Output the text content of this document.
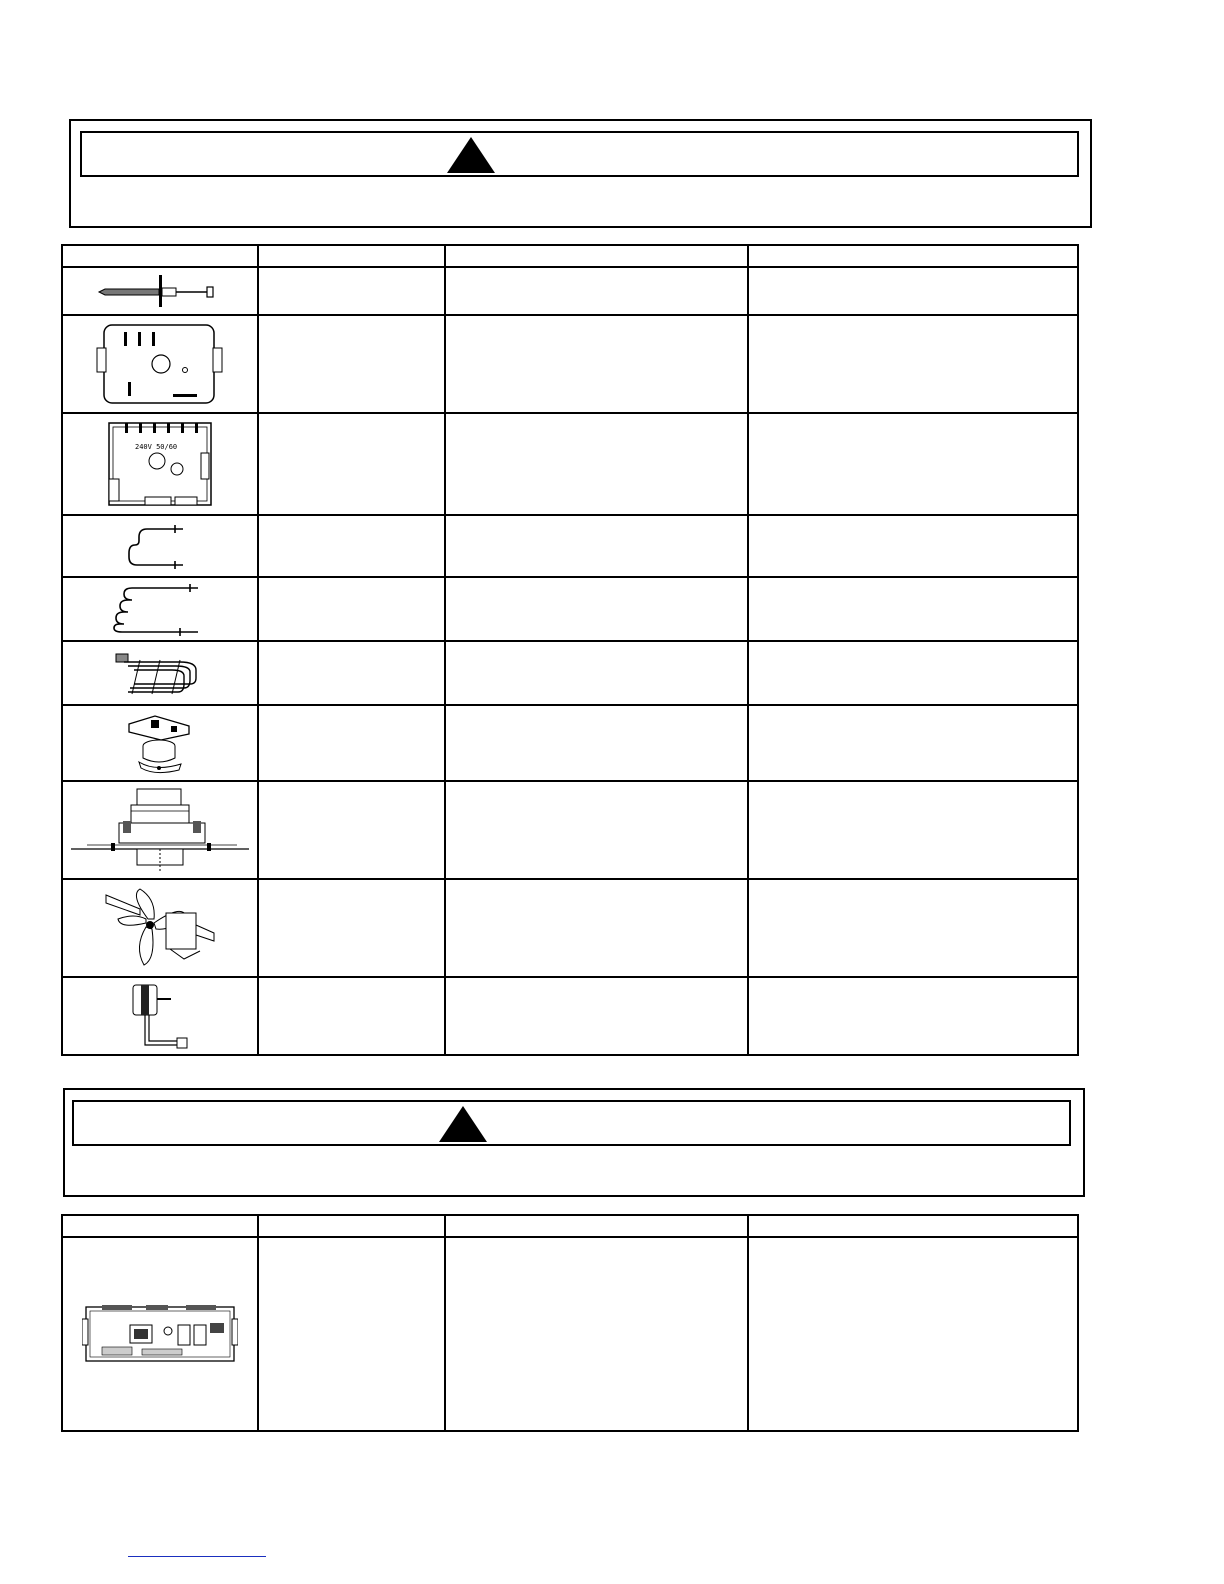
240V 50/60			
